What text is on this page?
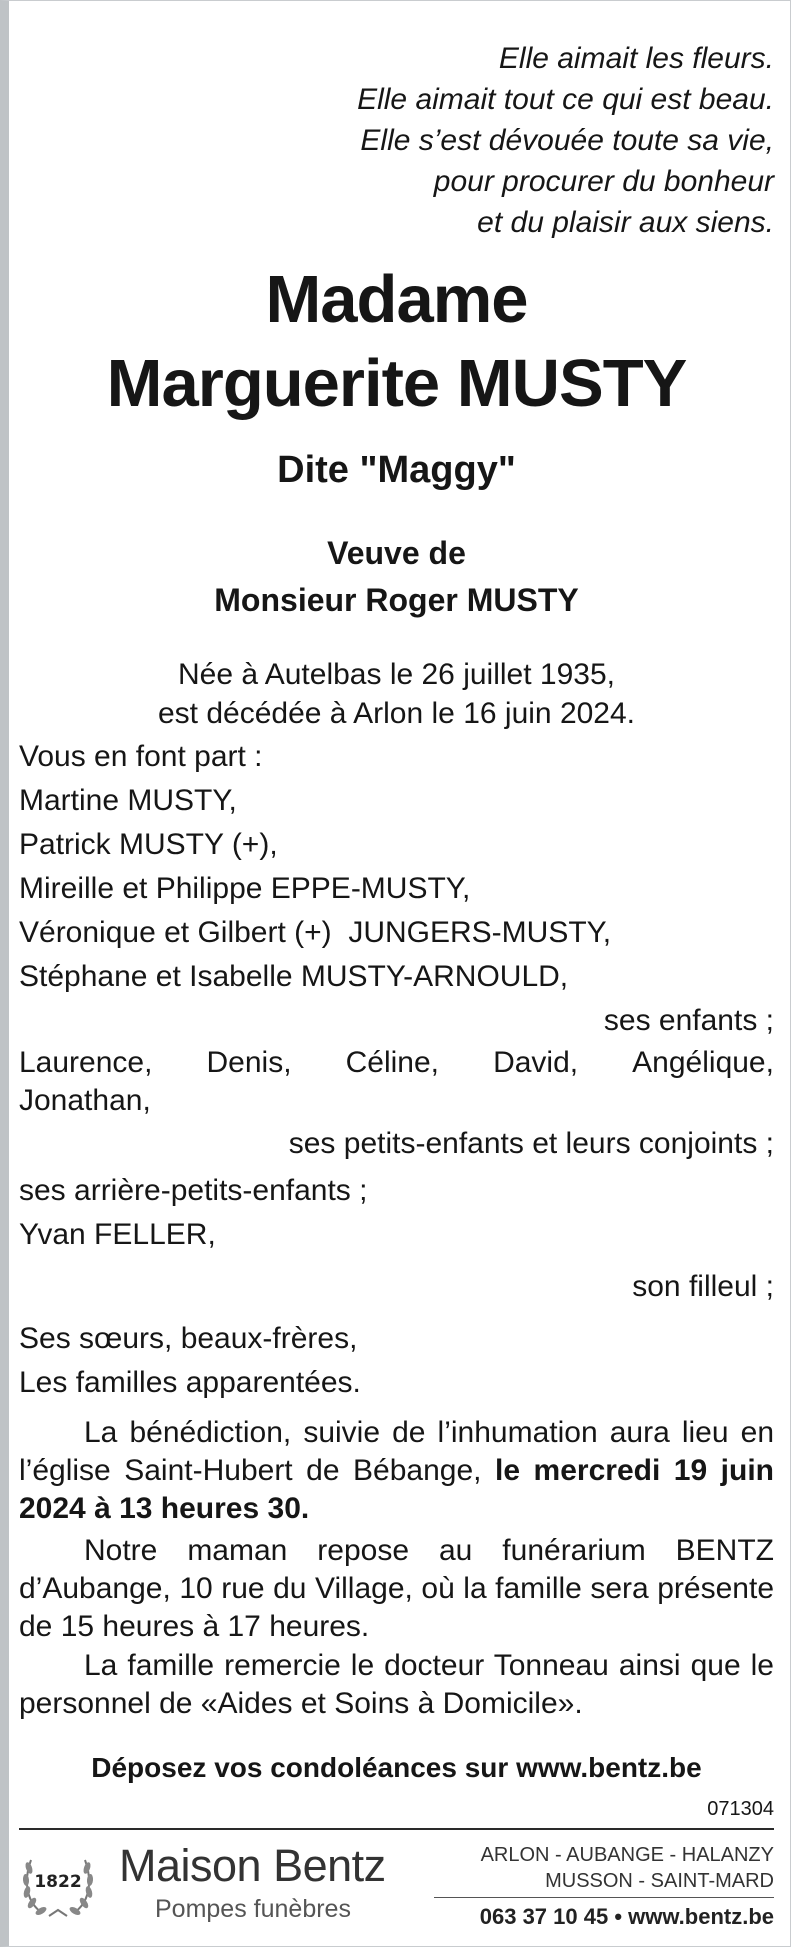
Elle aimait les fleurs.
Elle aimait tout ce qui est beau.
Elle s’est dévouée toute sa vie,
pour procurer du bonheur
et du plaisir aux siens.
Madame
Marguerite MUSTY
Dite "Maggy"
Veuve de
Monsieur Roger MUSTY
Née à Autelbas le 26 juillet 1935,
est décédée à Arlon le 16 juin 2024.
Vous en font part :
Martine MUSTY,
Patrick MUSTY (+),
Mireille et Philippe EPPE-MUSTY,
Véronique et Gilbert (+)  JUNGERS-MUSTY,
Stéphane et Isabelle MUSTY-ARNOULD,
ses enfants ;
Laurence, Denis, Céline, David, Angélique,
Jonathan,
ses petits-enfants et leurs conjoints ;
ses arrière-petits-enfants ;
Yvan FELLER,
son filleul ;
Ses sœurs, beaux-frères,
Les familles apparentées.
La bénédiction, suivie de l’inhumation aura lieu en l’église Saint-Hubert de Bébange, le mercredi 19 juin 2024 à 13 heures 30.
Notre maman repose au funérarium BENTZ d’Aubange, 10 rue du Village, où la famille sera présente de 15 heures à 17 heures.
La famille remercie le docteur Tonneau ainsi que le personnel de «Aides et Soins à Domicile».
Déposez vos condoléances sur www.bentz.be
071304
1822 Maison Bentz
Pompes funèbres
ARLON - AUBANGE - HALANZY
MUSSON - SAINT-MARD
063 37 10 45 • www.bentz.be
